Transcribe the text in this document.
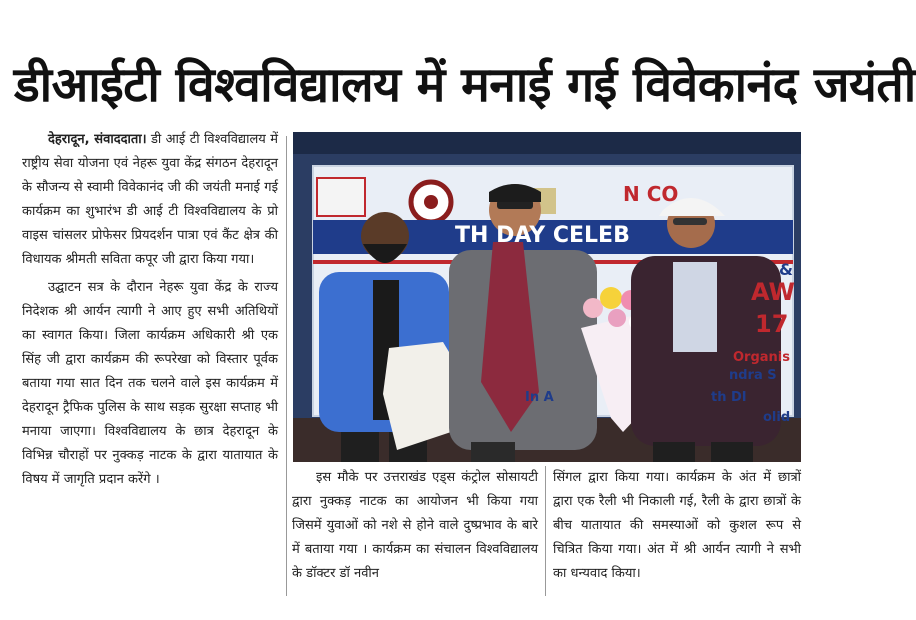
डीआईटी विश्वविद्यालय में मनाई गई विवेकानंद जयंती

देहरादून, संवाददाता। डी आई टी विश्वविद्यालय में राष्ट्रीय सेवा योजना एवं नेहरू युवा केंद्र संगठन देहरादून के सौजन्य से स्वामी विवेकानंद जी की जयंती मनाई गई कार्यक्रम का शुभारंभ डी आई टी विश्वविद्यालय के प्रो वाइस चांसलर प्रोफेसर प्रियदर्शन पात्रा एवं कैंट क्षेत्र की विधायक श्रीमती सविता कपूर जी द्वारा किया गया।

उद्घाटन सत्र के दौरान नेहरू युवा केंद्र के राज्य निदेशक श्री आर्यन त्यागी ने आए हुए सभी अतिथियों का स्वागत किया। जिला कार्यक्रम अधिकारी श्री एक सिंह जी द्वारा कार्यक्रम की रूपरेखा को विस्तार पूर्वक बताया गया सात दिन तक चलने वाले इस कार्यक्रम में देहरादून ट्रैफिक पुलिस के साथ सड़क सुरक्षा सप्ताह भी मनाया जाएगा। विश्वविद्यालय के छात्र देहरादून के विभिन्न चौराहों पर नुक्कड़ नाटक के द्वारा यातायात के विषय में जागृति प्रदान करेंगे ।

N CO
TH DAY CELEB
&
AW
17
Organis
ndra S
In A	th DI
olid

इस मौके पर उत्तराखंड एड्स कंट्रोल सोसायटी द्वारा नुक्कड़ नाटक का आयोजन भी किया गया जिसमें युवाओं को नशे से होने वाले दुष्प्रभाव के बारे में बताया गया । कार्यक्रम का संचालन विश्वविद्यालय के डॉक्टर डॉ नवीन

सिंगल द्वारा किया गया। कार्यक्रम के अंत में छात्रों द्वारा एक रैली भी निकाली गई, रैली के द्वारा छात्रों के बीच यातायात की समस्याओं को कुशल रूप से चित्रित किया गया। अंत में श्री आर्यन त्यागी ने सभी का धन्यवाद किया।
